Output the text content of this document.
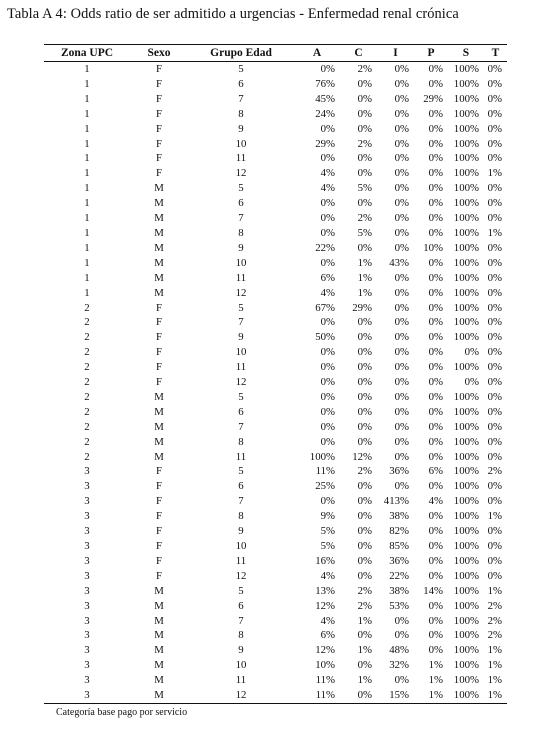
Tabla A 4: Odds ratio de ser admitido a urgencias - Enfermedad renal crónica
Zona UPC	Sexo	Grupo Edad	A	C	I	P	S	T
1	F	5	0%	2%	0%	0%	100%	0%
1	F	6	76%	0%	0%	0%	100%	0%
1	F	7	45%	0%	0%	29%	100%	0%
1	F	8	24%	0%	0%	0%	100%	0%
1	F	9	0%	0%	0%	0%	100%	0%
1	F	10	29%	2%	0%	0%	100%	0%
1	F	11	0%	0%	0%	0%	100%	0%
1	F	12	4%	0%	0%	0%	100%	1%
1	M	5	4%	5%	0%	0%	100%	0%
1	M	6	0%	0%	0%	0%	100%	0%
1	M	7	0%	2%	0%	0%	100%	0%
1	M	8	0%	5%	0%	0%	100%	1%
1	M	9	22%	0%	0%	10%	100%	0%
1	M	10	0%	1%	43%	0%	100%	0%
1	M	11	6%	1%	0%	0%	100%	0%
1	M	12	4%	1%	0%	0%	100%	0%
2	F	5	67%	29%	0%	0%	100%	0%
2	F	7	0%	0%	0%	0%	100%	0%
2	F	9	50%	0%	0%	0%	100%	0%
2	F	10	0%	0%	0%	0%	0%	0%
2	F	11	0%	0%	0%	0%	100%	0%
2	F	12	0%	0%	0%	0%	0%	0%
2	M	5	0%	0%	0%	0%	100%	0%
2	M	6	0%	0%	0%	0%	100%	0%
2	M	7	0%	0%	0%	0%	100%	0%
2	M	8	0%	0%	0%	0%	100%	0%
2	M	11	100%	12%	0%	0%	100%	0%
3	F	5	11%	2%	36%	6%	100%	2%
3	F	6	25%	0%	0%	0%	100%	0%
3	F	7	0%	0%	413%	4%	100%	0%
3	F	8	9%	0%	38%	0%	100%	1%
3	F	9	5%	0%	82%	0%	100%	0%
3	F	10	5%	0%	85%	0%	100%	0%
3	F	11	16%	0%	36%	0%	100%	0%
3	F	12	4%	0%	22%	0%	100%	0%
3	M	5	13%	2%	38%	14%	100%	1%
3	M	6	12%	2%	53%	0%	100%	2%
3	M	7	4%	1%	0%	0%	100%	2%
3	M	8	6%	0%	0%	0%	100%	2%
3	M	9	12%	1%	48%	0%	100%	1%
3	M	10	10%	0%	32%	1%	100%	1%
3	M	11	11%	1%	0%	1%	100%	1%
3	M	12	11%	0%	15%	1%	100%	1%
Categoría base pago por servicio
